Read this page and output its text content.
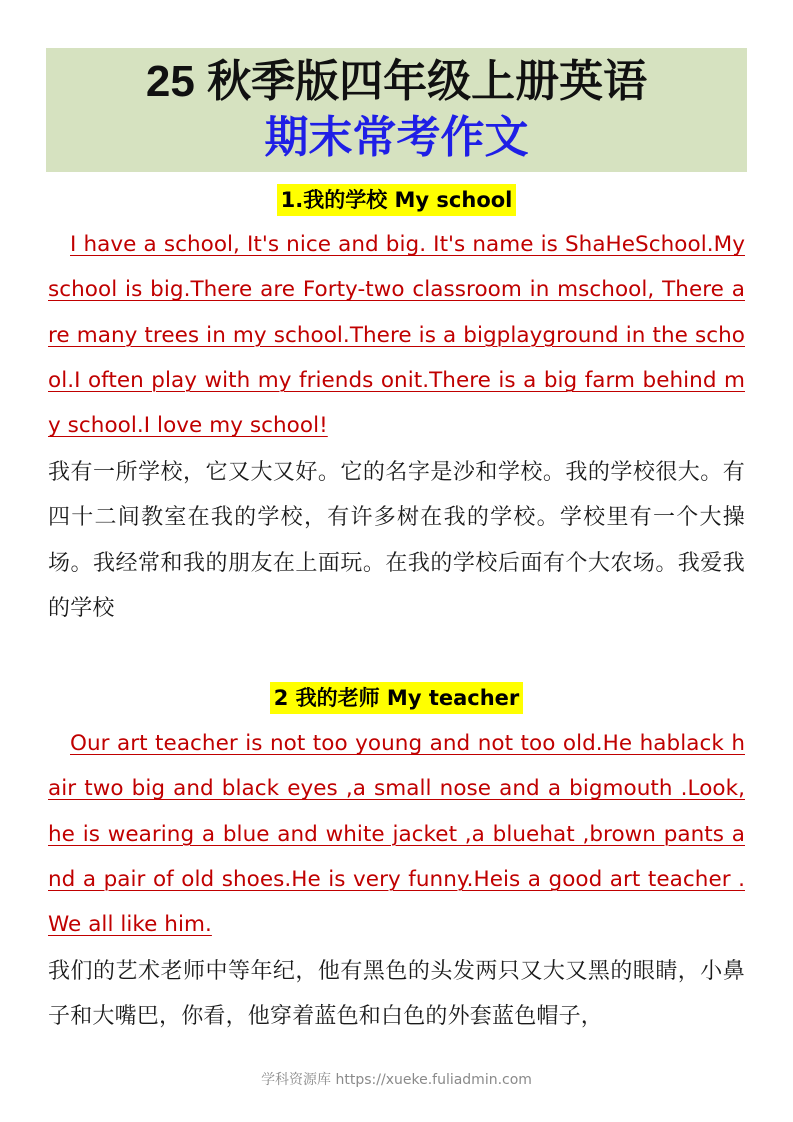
25 秋季版四年级上册英语
期末常考作文
1.我的学校 My school
I have a school, It's nice and big. It's name is ShaHeSchool.My school is big.There are Forty-two classroom in mschool, There are many trees in my school.There is a bigplayground in the school.I often play with my friends onit.There is a big farm behind my school.I love my school!
我有一所学校，它又大又好。它的名字是沙和学校。我的学校很大。有四十二间教室在我的学校，有许多树在我的学校。学校里有一个大操场。我经常和我的朋友在上面玩。在我的学校后面有个大农场。我爱我的学校
2 我的老师 My teacher
Our art teacher is not too young and not too old.He hablack hair two big and black eyes ,a small nose and a bigmouth .Look, he is wearing a blue and white jacket ,a bluehat ,brown pants and a pair of old shoes.He is very funny.Heis a good art teacher .We all like him.
我们的艺术老师中等年纪，他有黑色的头发两只又大又黑的眼睛，小鼻子和大嘴巴，你看，他穿着蓝色和白色的外套蓝色帽子，
学科资源库 https://xueke.fuliadmin.com
